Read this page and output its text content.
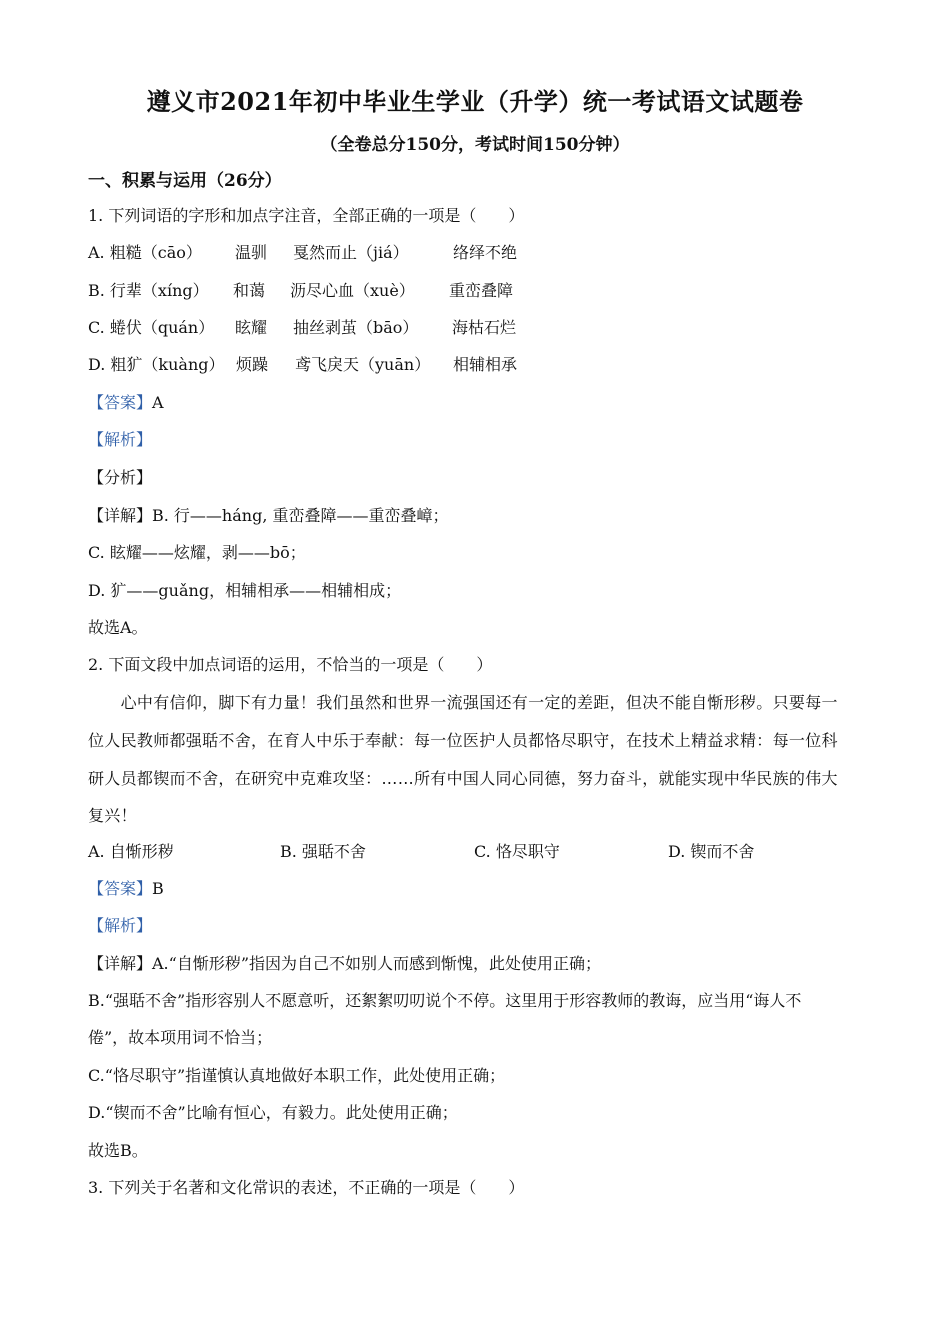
遵义市2021年初中毕业生学业（升学）统一考试语文试题卷
（全卷总分150分，考试时间150分钟）
一、积累与运用（26分）
1. 下列词语的字形和加点字注音，全部正确的一项是（　　）
A. 粗糙（cāo） 温驯 戛然而止（jiá）	络绎不绝
B. 行辈（xíng） 和蔼 沥尽心血（xuè） 重峦叠障
C. 蜷伏（quán） 眩耀 抽丝剥茧（bāo） 海枯石烂
D. 粗犷（kuàng） 烦躁 鸢飞戾天（yuān） 相辅相承
【答案】A
【解析】
【分析】
【详解】B. 行——háng, 重峦叠障——重峦叠嶂；
C. 眩耀——炫耀，剥——bō；
D. 犷——guǎng，相辅相承——相辅相成；
故选A。
2. 下面文段中加点词语的运用，不恰当的一项是（　　）
　　心中有信仰，脚下有力量！我们虽然和世界一流强国还有一定的差距，但决不能自惭形秽。只要每一
位人民教师都强聒不舍，在育人中乐于奉献：每一位医护人员都恪尽职守，在技术上精益求精：每一位科
研人员都锲而不舍，在研究中克难攻坚：……所有中国人同心同德，努力奋斗，就能实现中华民族的伟大
复兴！
A. 自惭形秽	B. 强聒不舍	C. 恪尽职守	D. 锲而不舍
【答案】B
【解析】
【详解】A.“自惭形秽”指因为自己不如别人而感到惭愧，此处使用正确；
B.“强聒不舍”指形容别人不愿意听，还絮絮叨叨说个不停。这里用于形容教师的教诲，应当用“诲人不
倦”，故本项用词不恰当；
C.“恪尽职守”指谨慎认真地做好本职工作，此处使用正确；
D.“锲而不舍”比喻有恒心，有毅力。此处使用正确；
故选B。
3. 下列关于名著和文化常识的表述，不正确的一项是（　　）
